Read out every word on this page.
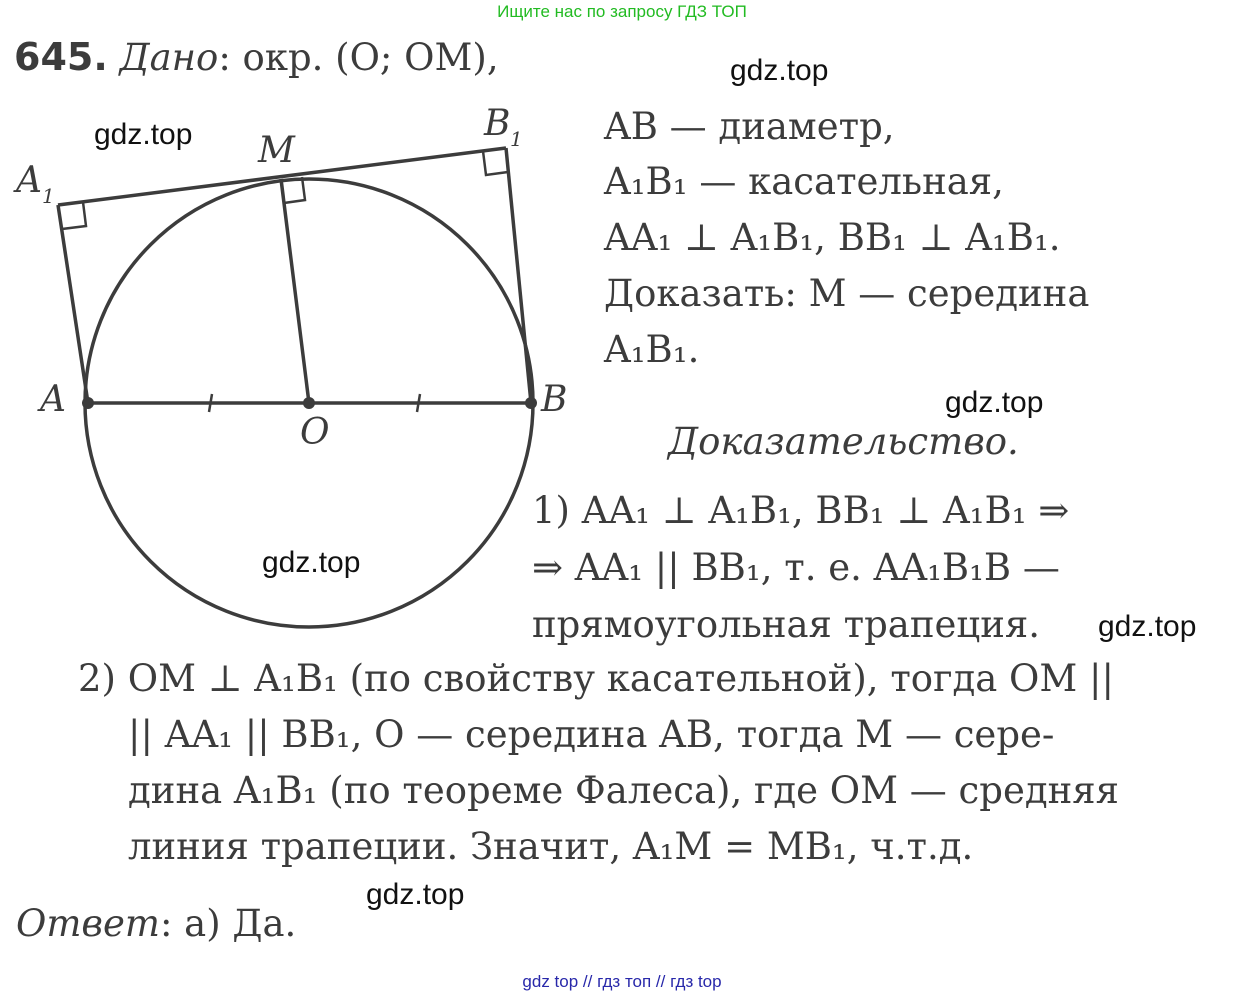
Ищите нас по запросу ГДЗ ТОП
gdz top // гдз топ // гдз top
645. Дано: окр. (O; OM),
A	B
O
M
A 1
B 1 AB — диаметр,
A₁B₁ — касательная,
AA₁ ⊥ A₁B₁, BB₁ ⊥ A₁B₁.
Доказать: M — середина
A₁B₁.
Доказательство.
1) AA₁ ⊥ A₁B₁, BB₁ ⊥ A₁B₁ ⇒
⇒ AA₁ || BB₁, т. е. AA₁B₁B —
прямоугольная трапеция.
2) OM ⊥ A₁B₁ (по свойству касательной), тогда OM ||
|| AA₁ || BB₁, O — середина AB, тогда M — сере-
дина A₁B₁ (по теореме Фалеса), где OM — средняя
линия трапеции. Значит, A₁M = MB₁, ч.т.д.
Ответ: а) Да.
gdz.top
gdz.top
gdz.top
gdz.top
gdz.top
gdz.top
